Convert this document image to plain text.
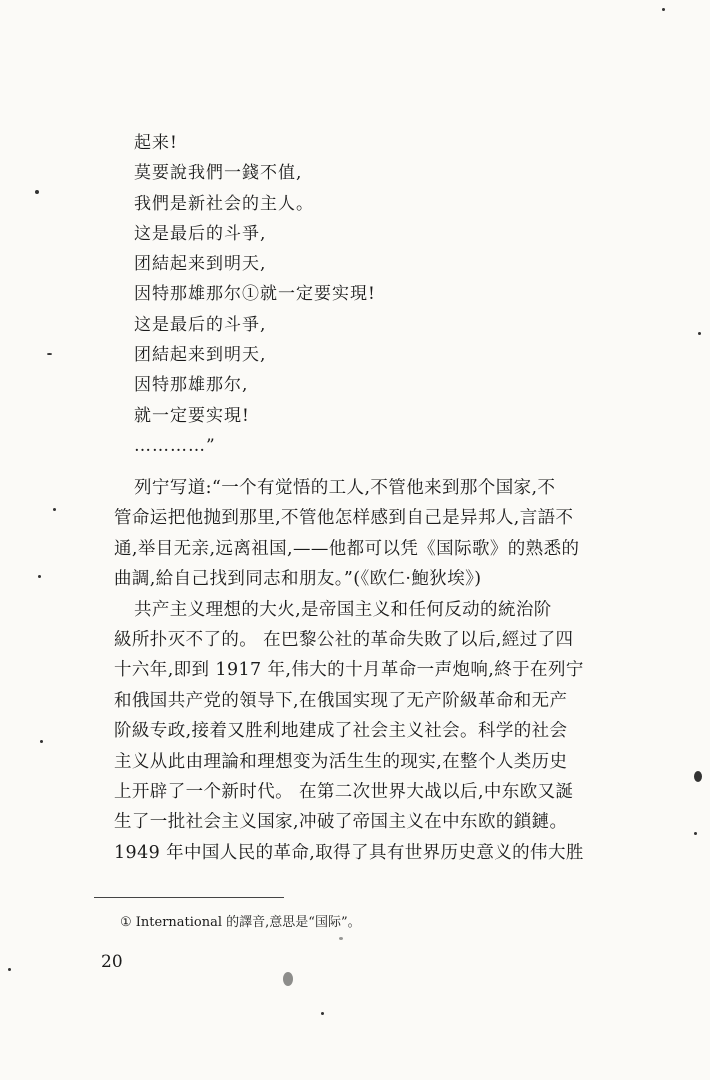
起来!
莫要說我們一錢不值,
我們是新社会的主人。
这是最后的斗爭,
团結起来到明天,
因特那雄那尔①就一定要实現!
这是最后的斗爭,
团結起来到明天,
因特那雄那尔,
就一定要实現!
…………”
列宁写道:“一个有觉悟的工人,不管他来到那个国家,不
管命运把他抛到那里,不管他怎样感到自己是异邦人,言語不
通,举目无亲,远离祖国,——他都可以凭《国际歌》的熟悉的
曲調,給自己找到同志和朋友。”(《欧仁·鮑狄埃》)
共产主义理想的大火,是帝国主义和任何反动的統治阶
級所扑灭不了的。 在巴黎公社的革命失敗了以后,經过了四
十六年,即到 1917 年,伟大的十月革命一声炮响,終于在列宁
和俄国共产党的領导下,在俄国实现了无产阶級革命和无产
阶級专政,接着又胜利地建成了社会主义社会。科学的社会
主义从此由理論和理想变为活生生的现实,在整个人类历史
上开辟了一个新时代。 在第二次世界大战以后,中东欧又誕
生了一批社会主义国家,冲破了帝国主义在中东欧的鎖鏈。
1949 年中国人民的革命,取得了具有世界历史意义的伟大胜
① International 的譯音,意思是“国际”。
20
